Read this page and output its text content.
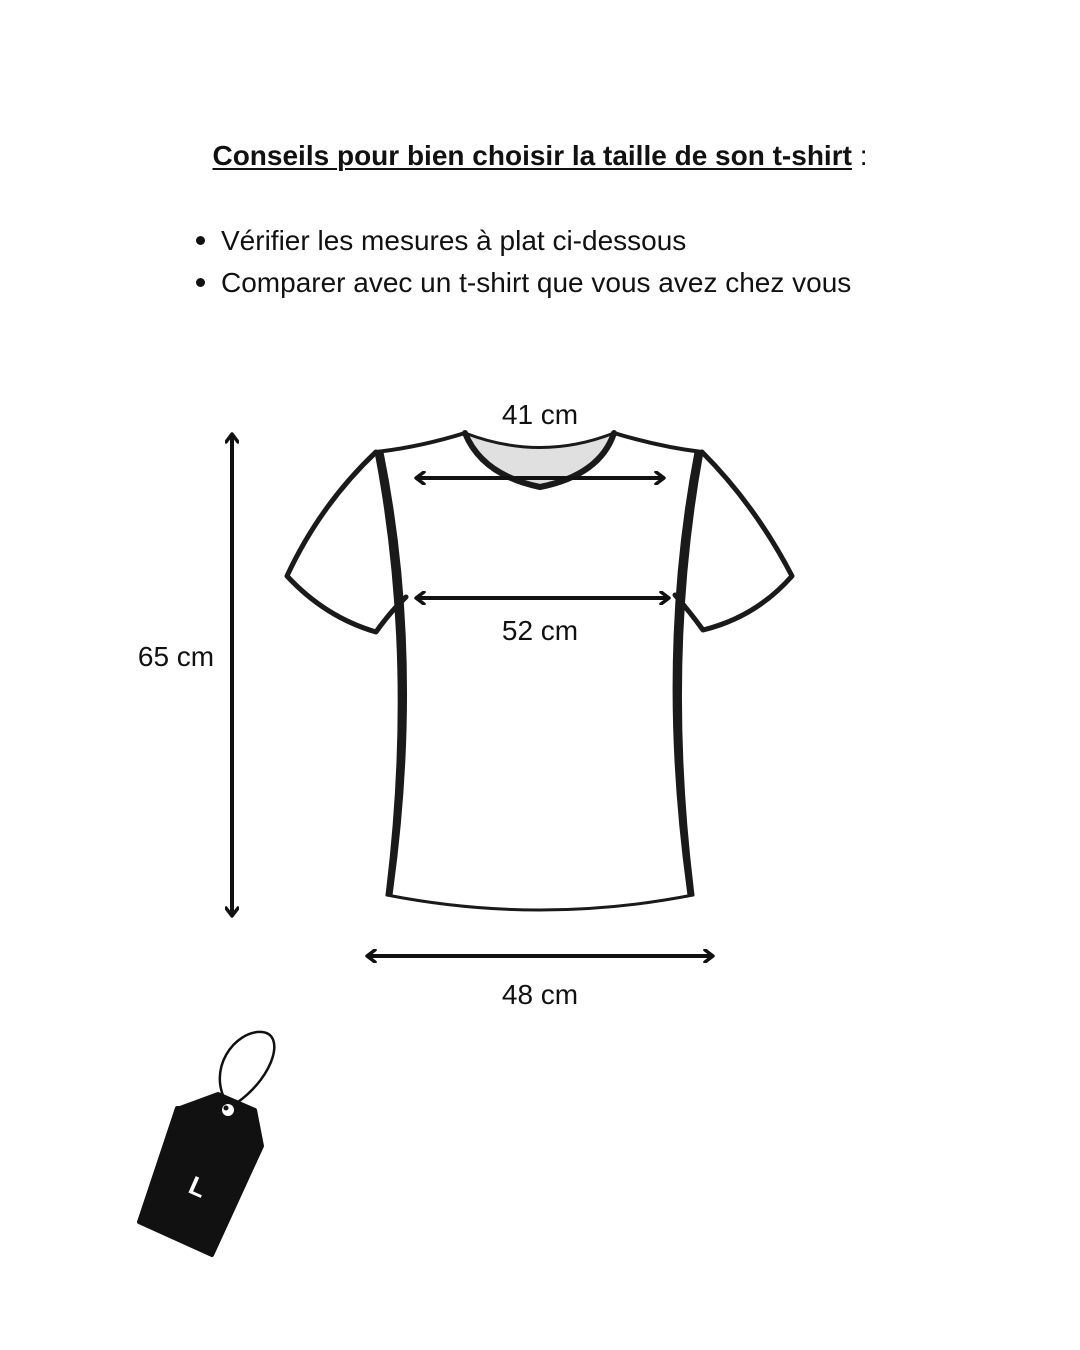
Conseils pour bien choisir la taille de son t-shirt :
Vérifier les mesures à plat ci-dessous
Comparer avec un t-shirt que vous avez chez vous
41 cm
52 cm
65 cm
48 cm
L
